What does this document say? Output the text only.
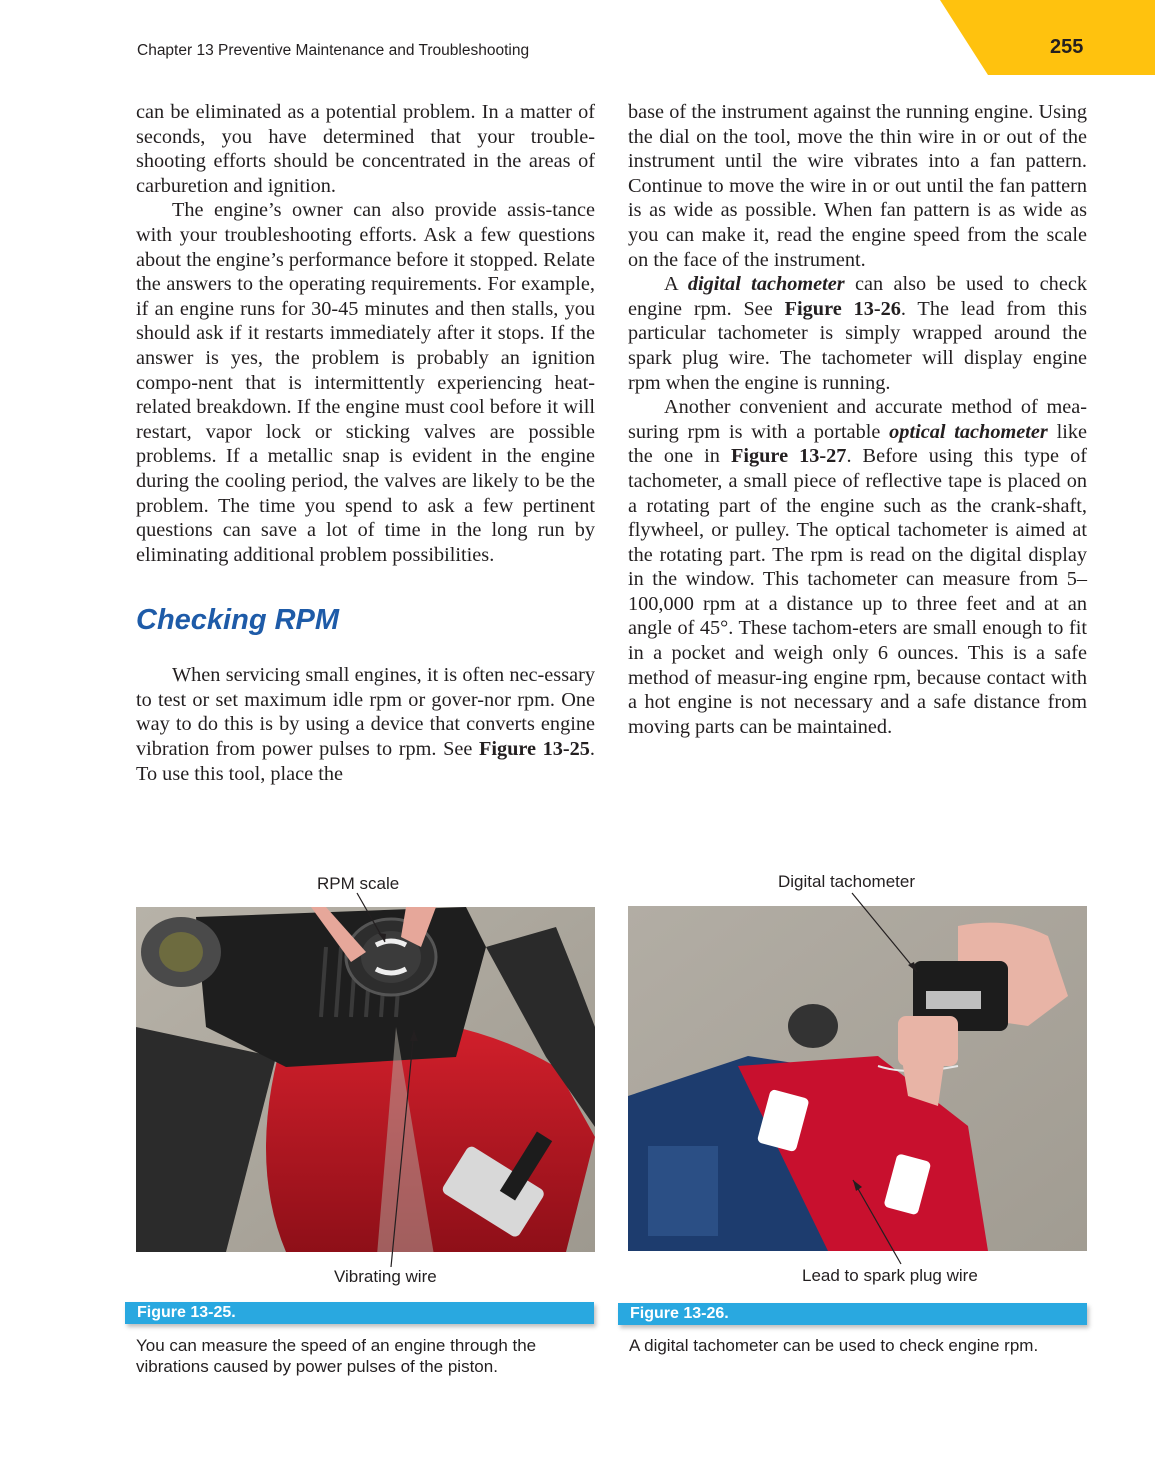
255
Chapter 13 Preventive Maintenance and Troubleshooting

can be eliminated as a potential problem. In a matter of seconds, you have determined that your trouble-shooting efforts should be concentrated in the areas of carburetion and ignition.

The engine’s owner can also provide assis-tance with your troubleshooting efforts. Ask a few questions about the engine’s performance before it stopped. Relate the answers to the operating requirements. For example, if an engine runs for 30-45 minutes and then stalls, you should ask if it restarts immediately after it stops. If the answer is yes, the problem is probably an ignition compo-nent that is intermittently experiencing heat-related breakdown. If the engine must cool before it will restart, vapor lock or sticking valves are possible problems. If a metallic snap is evident in the engine during the cooling period, the valves are likely to be the problem. The time you spend to ask a few pertinent questions can save a lot of time in the long run by eliminating additional problem possibilities.

Checking RPM

When servicing small engines, it is often nec-essary to test or set maximum idle rpm or gover-nor rpm. One way to do this is by using a device that converts engine vibration from power pulses to rpm. See Figure 13-25. To use this tool, place the

base of the instrument against the running engine. Using the dial on the tool, move the thin wire in or out of the instrument until the wire vibrates into a fan pattern. Continue to move the wire in or out until the fan pattern is as wide as possible. When fan pattern is as wide as you can make it, read the engine speed from the scale on the face of the instrument.

A digital tachometer can also be used to check engine rpm. See Figure 13-26. The lead from this particular tachometer is simply wrapped around the spark plug wire. The tachometer will display engine rpm when the engine is running.

Another convenient and accurate method of mea-suring rpm is with a portable optical tachometer like the one in Figure 13-27. Before using this type of tachometer, a small piece of reflective tape is placed on a rotating part of the engine such as the crank-shaft, flywheel, or pulley. The optical tachometer is aimed at the rotating part. The rpm is read on the digital display in the window. This tachometer can measure from 5–100,000 rpm at a distance up to three feet and at an angle of 45°. These tachom-eters are small enough to fit in a pocket and weigh only 6 ounces. This is a safe method of measur-ing engine rpm, because contact with a hot engine is not necessary and a safe distance from moving parts can be maintained.

RPM scale
Vibrating wire
Digital tachometer
Lead to spark plug wire
Figure 13-25.	Figure 13-26.
You can measure the speed of an engine through the vibrations caused by power pulses of the piston.
A digital tachometer can be used to check engine rpm.
